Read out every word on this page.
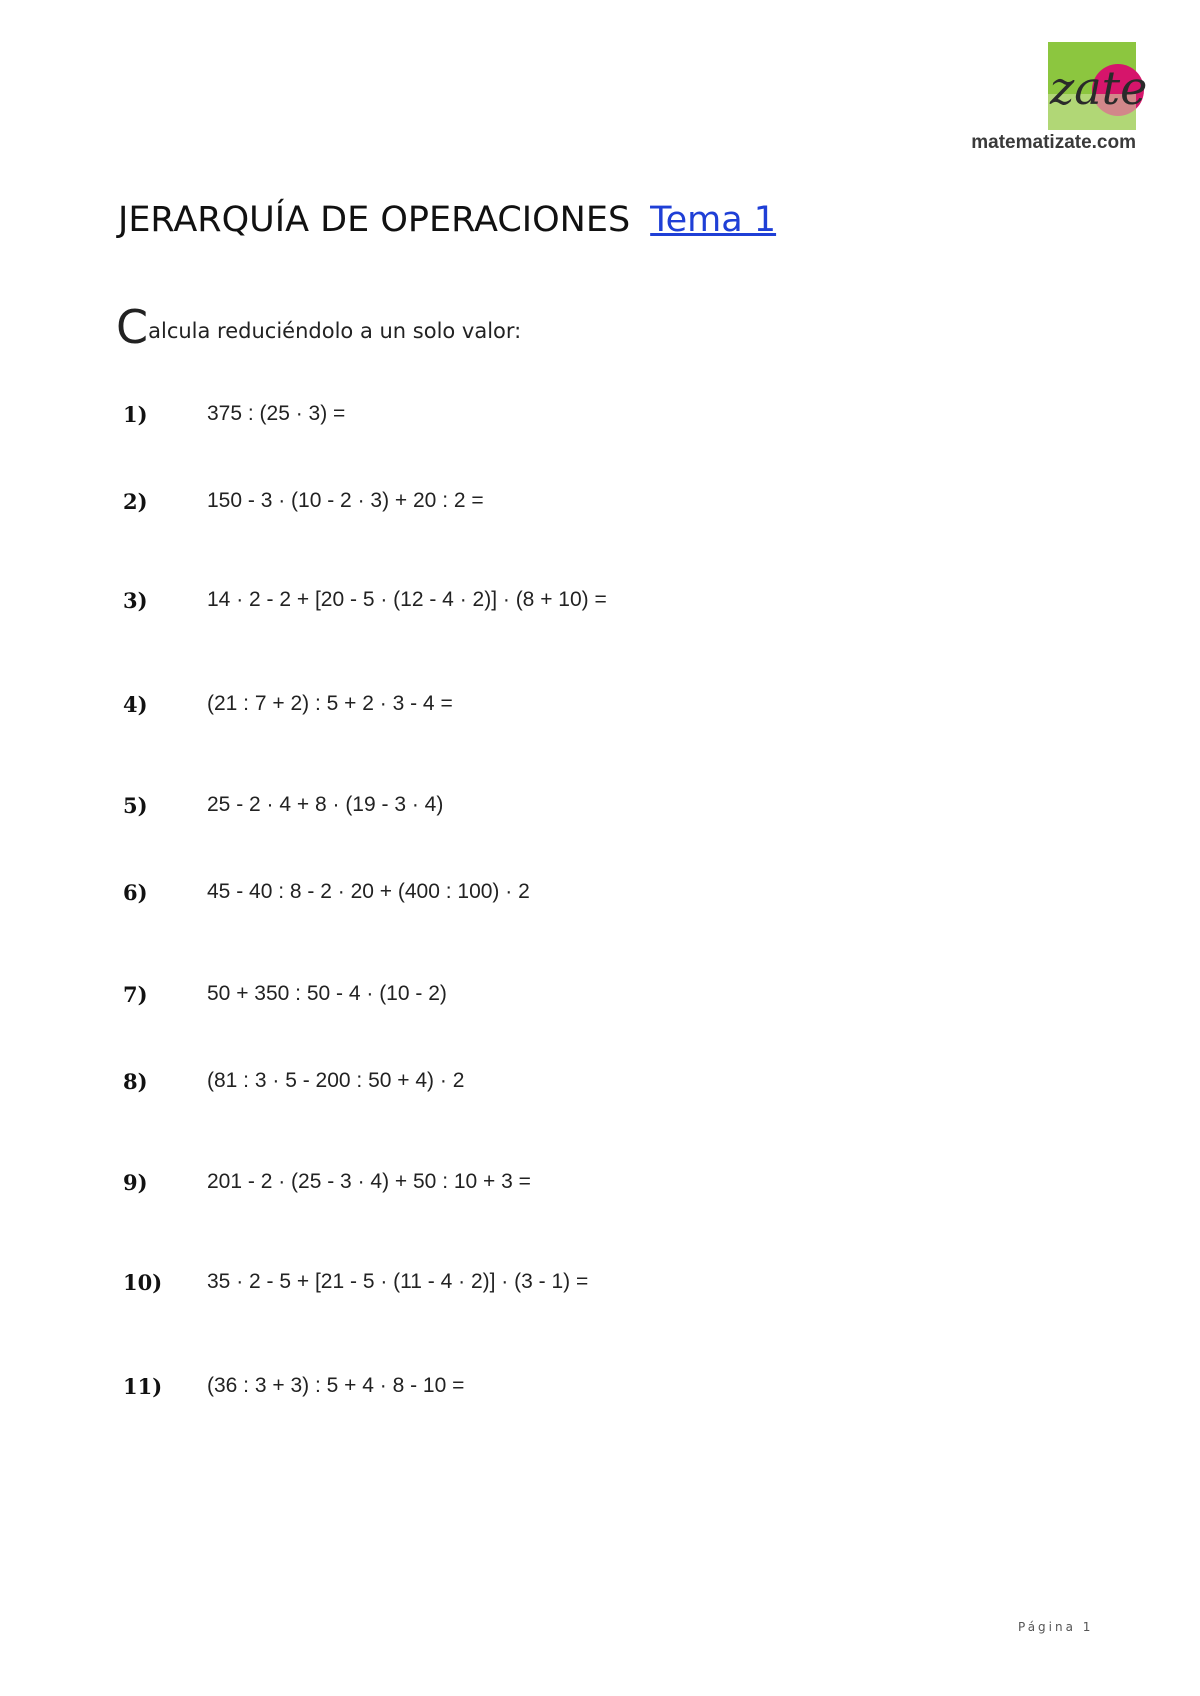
zate
matematizate.com
JERARQUÍA DE OPERACIONES Tema 1
Calcula reduciéndolo a un solo valor:
1)	375 : (25 · 3) =
2)	150 - 3 · (10 - 2 · 3) + 20 : 2 =
3)	14 · 2 - 2 + [20 - 5 · (12 - 4 · 2)] · (8 + 10) =
4)	(21 : 7 + 2) : 5 + 2 · 3 - 4 =
5)	25 - 2 · 4 + 8 · (19 - 3 · 4)
6)	45 - 40 : 8 - 2 · 20 + (400 : 100) · 2
7)	50 + 350 : 50 - 4 · (10 - 2)
8)	(81 : 3 · 5 - 200 : 50 + 4) · 2
9)	201 - 2 · (25 - 3 · 4) + 50 : 10 + 3 =
10) 35 · 2 - 5 + [21 - 5 · (11 - 4 · 2)] · (3 - 1) =
11) (36 : 3 + 3) : 5 + 4 · 8 - 10 =
Página 1
